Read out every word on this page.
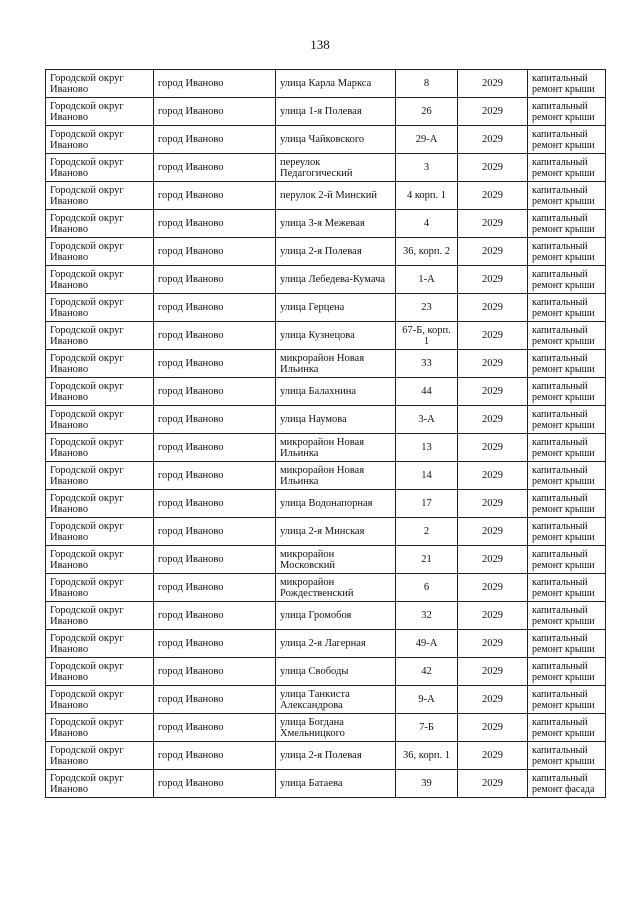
138
Городской округ Иваново	город Иваново	улица Карла Маркса	8	2029	капитальный ремонт крыши
Городской округ Иваново	город Иваново	улица 1-я Полевая	26	2029	капитальный ремонт крыши
Городской округ Иваново	город Иваново	улица Чайковского	29-А	2029	капитальный ремонт крыши
Городской округ Иваново	город Иваново	переулок Педагогический	3	2029	капитальный ремонт крыши
Городской округ Иваново	город Иваново	перулок 2-й Минский	4 корп. 1	2029	капитальный ремонт крыши
Городской округ Иваново	город Иваново	улица 3-я Межевая	4	2029	капитальный ремонт крыши
Городской округ Иваново	город Иваново	улица 2-я Полевая	36, корп. 2	2029	капитальный ремонт крыши
Городской округ Иваново	город Иваново	улица Лебедева-Кумача	1-А	2029	капитальный ремонт крыши
Городской округ Иваново	город Иваново	улица Герцена	23	2029	капитальный ремонт крыши
Городской округ Иваново	город Иваново	улица Кузнецова	67-Б, корп. 1	2029	капитальный ремонт крыши
Городской округ Иваново	город Иваново	микрорайон Новая Ильинка	33	2029	капитальный ремонт крыши
Городской округ Иваново	город Иваново	улица Балахнина	44	2029	капитальный ремонт крыши
Городской округ Иваново	город Иваново	улица Наумова	3-А	2029	капитальный ремонт крыши
Городской округ Иваново	город Иваново	микрорайон Новая Ильинка	13	2029	капитальный ремонт крыши
Городской округ Иваново	город Иваново	микрорайон Новая Ильинка	14	2029	капитальный ремонт крыши
Городской округ Иваново	город Иваново	улица Водонапорная	17	2029	капитальный ремонт крыши
Городской округ Иваново	город Иваново	улица 2-я Минская	2	2029	капитальный ремонт крыши
Городской округ Иваново	город Иваново	микрорайон Московский	21	2029	капитальный ремонт крыши
Городской округ Иваново	город Иваново	микрорайон Рождественский	6	2029	капитальный ремонт крыши
Городской округ Иваново	город Иваново	улица Громобоя	32	2029	капитальный ремонт крыши
Городской округ Иваново	город Иваново	улица 2-я Лагерная	49-А	2029	капитальный ремонт крыши
Городской округ Иваново	город Иваново	улица Свободы	42	2029	капитальный ремонт крыши
Городской округ Иваново	город Иваново	улица Танкиста Александрова	9-А	2029	капитальный ремонт крыши
Городской округ Иваново	город Иваново	улица Богдана Хмельницкого	7-Б	2029	капитальный ремонт крыши
Городской округ Иваново	город Иваново	улица 2-я Полевая	36, корп. 1	2029	капитальный ремонт крыши
Городской округ Иваново	город Иваново	улица Батаева	39	2029	капитальный ремонт фасада
